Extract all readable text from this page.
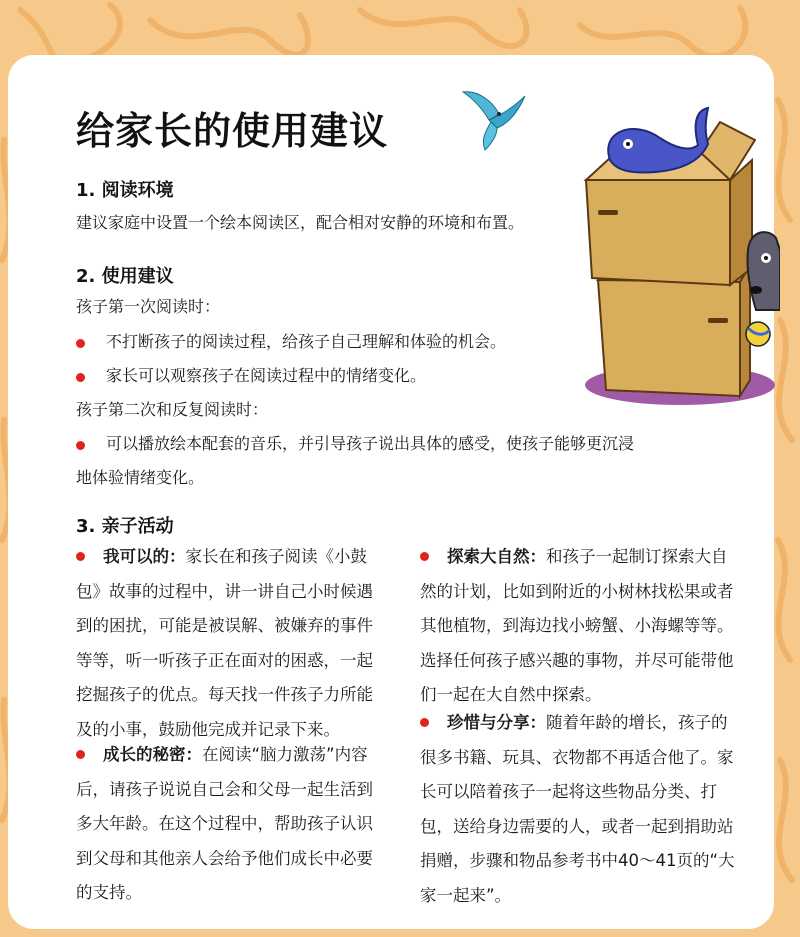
给家长的使用建议
1. 阅读环境

建议家庭中设置一个绘本阅读区，配合相对安静的环境和布置。

2. 使用建议

孩子第一次阅读时：

不打断孩子的阅读过程，给孩子自己理解和体验的机会。

家长可以观察孩子在阅读过程中的情绪变化。

孩子第二次和反复阅读时：

可以播放绘本配套的音乐，并引导孩子说出具体的感受，使孩子能够更沉浸

地体验情绪变化。

3. 亲子活动

我可以的：家长在和孩子阅读《小鼓包》故事的过程中，讲一讲自己小时候遇到的困扰，可能是被误解、被嫌弃的事件等等，听一听孩子正在面对的困惑，一起挖掘孩子的优点。每天找一件孩子力所能及的小事，鼓励他完成并记录下来。

成长的秘密：在阅读“脑力激荡”内容后，请孩子说说自己会和父母一起生活到多大年龄。在这个过程中，帮助孩子认识到父母和其他亲人会给予他们成长中必要的支持。

探索大自然：和孩子一起制订探索大自然的计划，比如到附近的小树林找松果或者其他植物，到海边找小螃蟹、小海螺等等。选择任何孩子感兴趣的事物，并尽可能带他们一起在大自然中探索。

珍惜与分享：随着年龄的增长，孩子的很多书籍、玩具、衣物都不再适合他了。家长可以陪着孩子一起将这些物品分类、打包，送给身边需要的人，或者一起到捐助站捐赠，步骤和物品参考书中40～41页的“大家一起来”。
